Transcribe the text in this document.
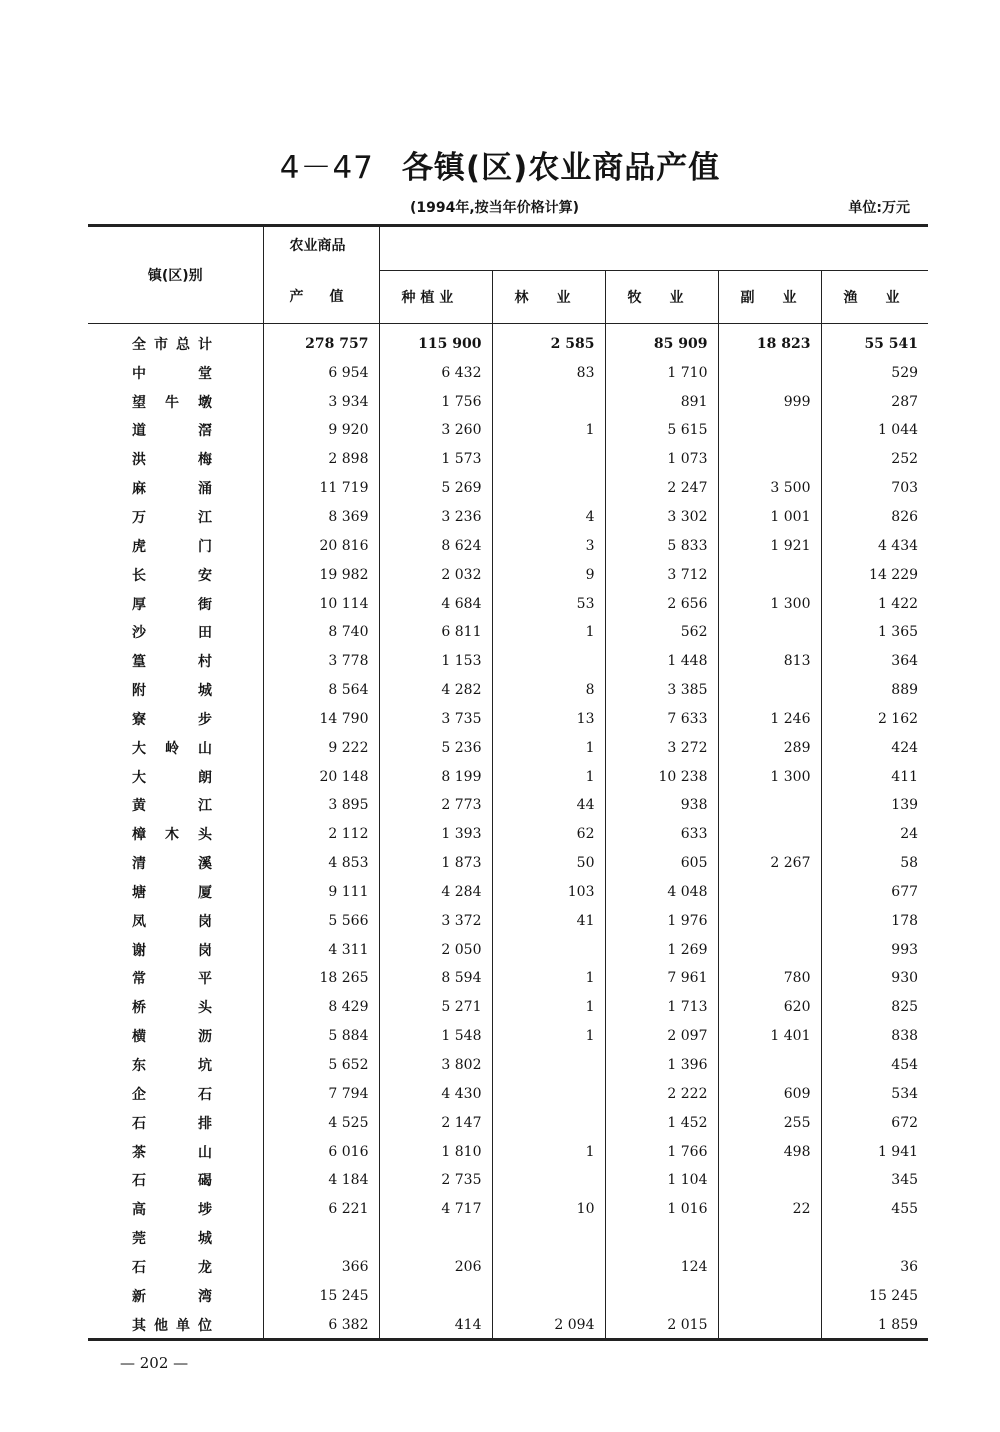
4－47 各镇(区)农业商品产值
(1994年,按当年价格计算)	单位:万元
镇(区)别	农业商品					
	产值	种 植 业	林　　业	牧　　业	副　　业	渔　　业

全 市 总 计	278 757	115 900	2 585	85 909	18 823	55 541

中 堂	6 954	6 432	83	1 710		529

望 牛 墩	3 934	1 756		891	999	287

道 滘	9 920	3 260	1	5 615		1 044

洪 梅	2 898	1 573		1 073		252

麻 涌	11 719	5 269		2 247	3 500	703

万 江	8 369	3 236	4	3 302	1 001	826

虎 门	20 816	8 624	3	5 833	1 921	4 434

长 安	19 982	2 032	9	3 712		14 229

厚 街	10 114	4 684	53	2 656	1 300	1 422

沙 田	8 740	6 811	1	562		1 365

篁 村	3 778	1 153		1 448	813	364

附 城	8 564	4 282	8	3 385		889

寮 步	14 790	3 735	13	7 633	1 246	2 162

大 岭 山	9 222	5 236	1	3 272	289	424

大 朗	20 148	8 199	1	10 238	1 300	411

黄 江	3 895	2 773	44	938		139

樟 木 头	2 112	1 393	62	633		24

清 溪	4 853	1 873	50	605	2 267	58

塘 厦	9 111	4 284	103	4 048		677

凤 岗	5 566	3 372	41	1 976		178

谢 岗	4 311	2 050		1 269		993

常 平	18 265	8 594	1	7 961	780	930

桥 头	8 429	5 271	1	1 713	620	825

横 沥	5 884	1 548	1	2 097	1 401	838

东 坑	5 652	3 802		1 396		454

企 石	7 794	4 430		2 222	609	534

石 排	4 525	2 147		1 452	255	672

茶 山	6 016	1 810	1	1 766	498	1 941

石 碣	4 184	2 735		1 104		345

高 埗	6 221	4 717	10	1 016	22	455

莞 城						

石 龙	366	206		124		36

新 湾	15 245					15 245

其 他 单 位	6 382	414	2 094	2 015		1 859
— 202 —
